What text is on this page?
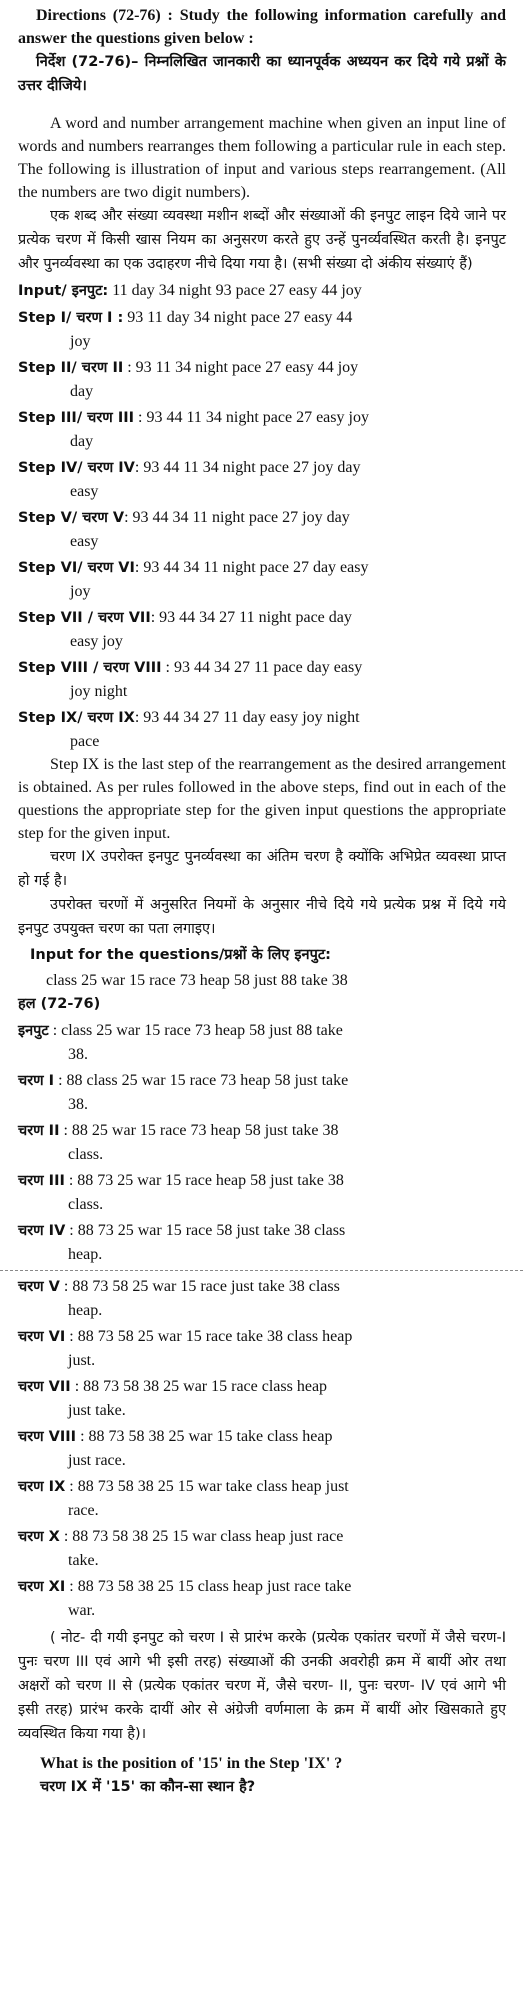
Directions (72-76) : Study the following information carefully and answer the questions given below :

निर्देश (72-76)– निम्नलिखित जानकारी का ध्यानपूर्वक अध्ययन कर दिये गये प्रश्नों के उत्तर दीजिये।

A word and number arrangement machine when given an input line of words and numbers rearranges them following a particular rule in each step. The following is illustration of input and various steps rearrangement. (All the numbers are two digit numbers).

एक शब्द और संख्या व्यवस्था मशीन शब्दों और संख्याओं की इनपुट लाइन दिये जाने पर प्रत्येक चरण में किसी खास नियम का अनुसरण करते हुए उन्हें पुनर्व्यवस्थित करती है। इनपुट और पुनर्व्यवस्था का एक उदाहरण नीचे दिया गया है। (सभी संख्या दो अंकीय संख्याएं हैं)

Input/ इनपुट: 11 day 34 night 93 pace 27 easy 44 joy
Step I/ चरण I : 93 11 day 34 night pace 27 easy 44
joy
Step II/ चरण II : 93 11 34 night pace 27 easy 44 joy
day
Step III/ चरण III : 93 44 11 34 night pace 27 easy joy
day
Step IV/ चरण IV: 93 44 11 34 night pace 27 joy day
easy
Step V/ चरण V: 93 44 34 11 night pace 27 joy day
easy
Step VI/ चरण VI: 93 44 34 11 night pace 27 day easy
joy
Step VII / चरण VII: 93 44 34 27 11 night pace day
easy joy
Step VIII / चरण VIII : 93 44 34 27 11 pace day easy
joy night
Step IX/ चरण IX: 93 44 34 27 11 day easy joy night
pace

Step IX is the last step of the rearrangement as the desired arrangement is obtained. As per rules followed in the above steps, find out in each of the questions the appropriate step for the given input questions the appropriate step for the given input.

चरण IX उपरोक्त इनपुट पुनर्व्यवस्था का अंतिम चरण है क्योंकि अभिप्रेत व्यवस्था प्राप्त हो गई है।

उपरोक्त चरणों में अनुसरित नियमों के अनुसार नीचे दिये गये प्रत्येक प्रश्न में दिये गये इनपुट उपयुक्त चरण का पता लगाइए।

Input for the questions/प्रश्नों के लिए इनपुट:

class 25 war 15 race 73 heap 58 just 88 take 38

हल (72-76)

इनपुट : class 25 war 15 race 73 heap 58 just 88 take
38.
चरण I : 88 class 25 war 15 race 73 heap 58 just take
38.
चरण II : 88 25 war 15 race 73 heap 58 just take 38
class.
चरण III : 88 73 25 war 15 race heap 58 just take 38
class.
चरण IV : 88 73 25 war 15 race 58 just take 38 class
heap.
चरण V : 88 73 58 25 war 15 race just take 38 class
heap.
चरण VI : 88 73 58 25 war 15 race take 38 class heap
just.
चरण VII : 88 73 58 38 25 war 15 race class heap
just take.
चरण VIII : 88 73 58 38 25 war 15 take class heap
just race.
चरण IX : 88 73 58 38 25 15 war take class heap just
race.
चरण X : 88 73 58 38 25 15 war class heap just race
take.
चरण XI : 88 73 58 38 25 15 class heap just race take
war.

( नोट- दी गयी इनपुट को चरण I से प्रारंभ करके (प्रत्येक एकांतर चरणों में जैसे चरण-I पुनः चरण III एवं आगे भी इसी तरह) संख्याओं की उनकी अवरोही क्रम में बायीं ओर तथा अक्षरों को चरण II से (प्रत्येक एकांतर चरण में, जैसे चरण- II, पुनः चरण- IV एवं आगे भी इसी तरह) प्रारंभ करके दायीं ओर से अंग्रेजी वर्णमाला के क्रम में बायीं ओर खिसकाते हुए व्यवस्थित किया गया है)।

What is the position of '15' in the Step 'IX' ?

चरण IX में '15' का कौन-सा स्थान है?
